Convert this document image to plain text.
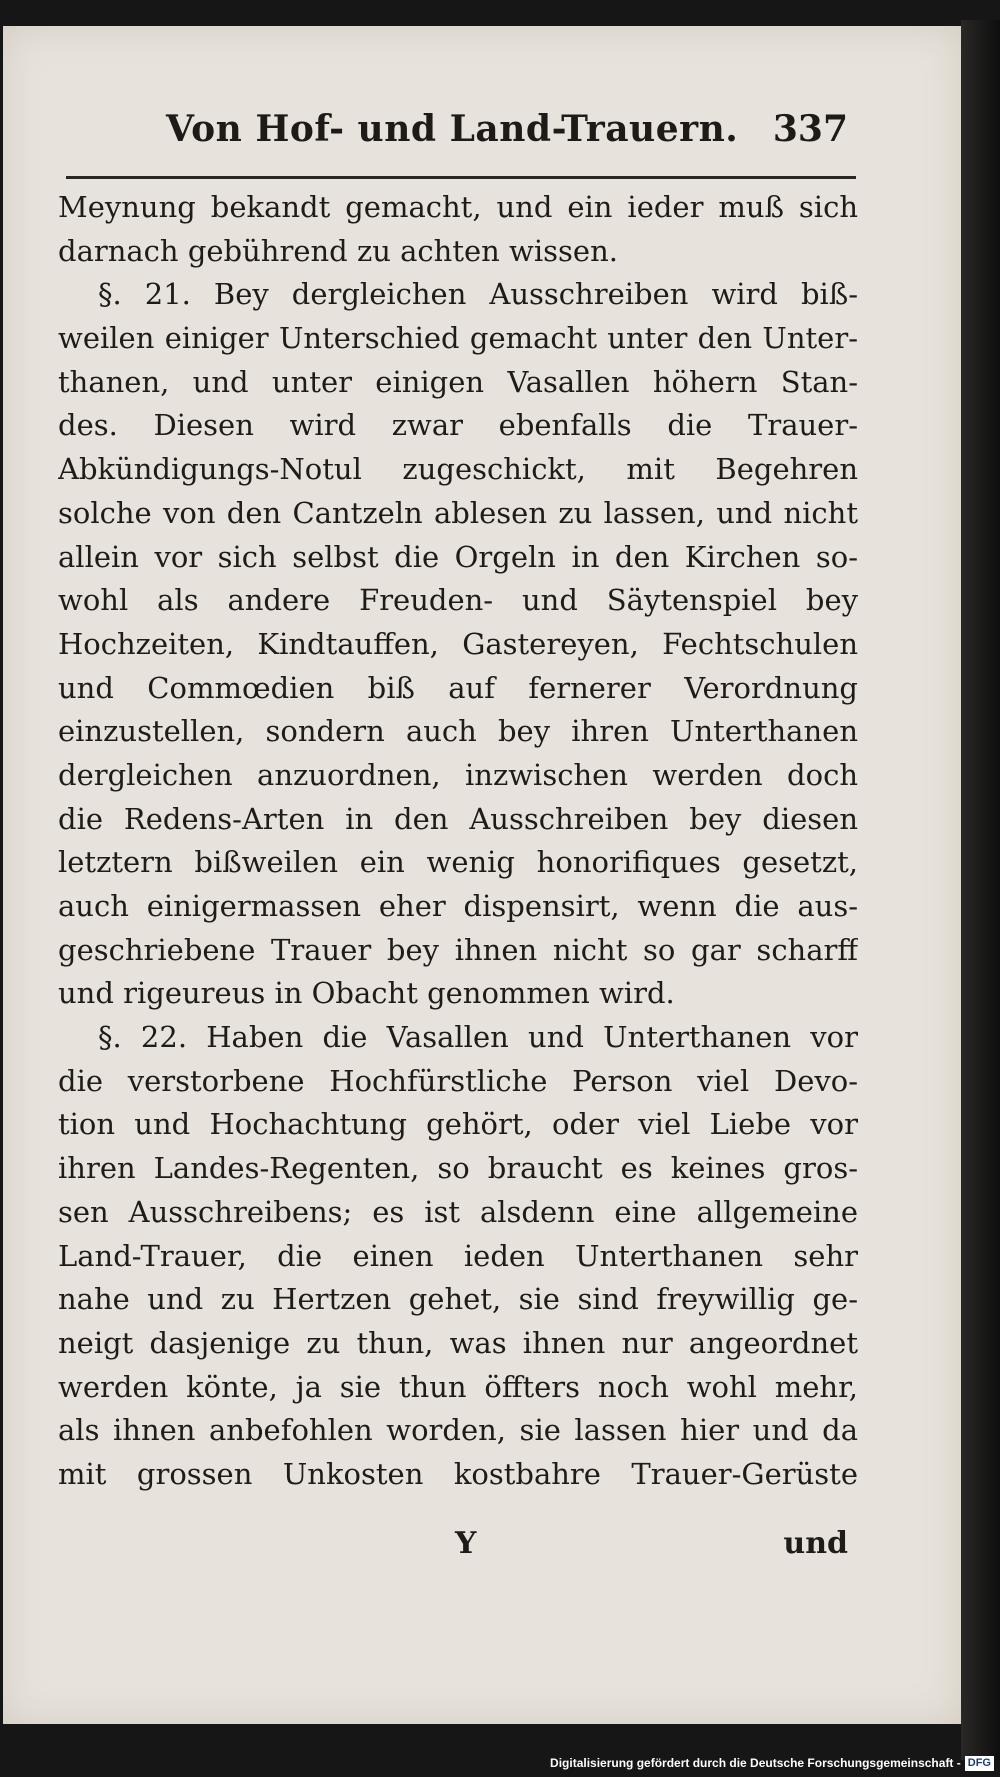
Von Hof- und Land-Trauern. 337
Meynung bekandt gemacht, und ein ieder muß sich
darnach gebührend zu achten wissen.
§. 21. Bey dergleichen Ausschreiben wird biß-
weilen einiger Unterschied gemacht unter den Unter-
thanen, und unter einigen Vasallen höhern Stan-
des. Diesen wird zwar ebenfalls die Trauer-
Abkündigungs-Notul zugeschickt, mit Begehren
solche von den Cantzeln ablesen zu lassen, und nicht
allein vor sich selbst die Orgeln in den Kirchen so-
wohl als andere Freuden- und Säytenspiel bey
Hochzeiten, Kindtauffen, Gastereyen, Fechtschulen
und Commœdien biß auf fernerer Verordnung
einzustellen, sondern auch bey ihren Unterthanen
dergleichen anzuordnen, inzwischen werden doch
die Redens-Arten in den Ausschreiben bey diesen
letztern bißweilen ein wenig honorifiques gesetzt,
auch einigermassen eher dispensirt, wenn die aus-
geschriebene Trauer bey ihnen nicht so gar scharff
und rigeureus in Obacht genommen wird.
§. 22. Haben die Vasallen und Unterthanen vor
die verstorbene Hochfürstliche Person viel Devo-
tion und Hochachtung gehört, oder viel Liebe vor
ihren Landes-Regenten, so braucht es keines gros-
sen Ausschreibens; es ist alsdenn eine allgemeine
Land-Trauer, die einen ieden Unterthanen sehr
nahe und zu Hertzen gehet, sie sind freywillig ge-
neigt dasjenige zu thun, was ihnen nur angeordnet
werden könte, ja sie thun öffters noch wohl mehr,
als ihnen anbefohlen worden, sie lassen hier und da
mit grossen Unkosten kostbahre Trauer-Gerüste
Y	und
Digitalisierung gefördert durch die Deutsche Forschungsgemeinschaft - DFG
